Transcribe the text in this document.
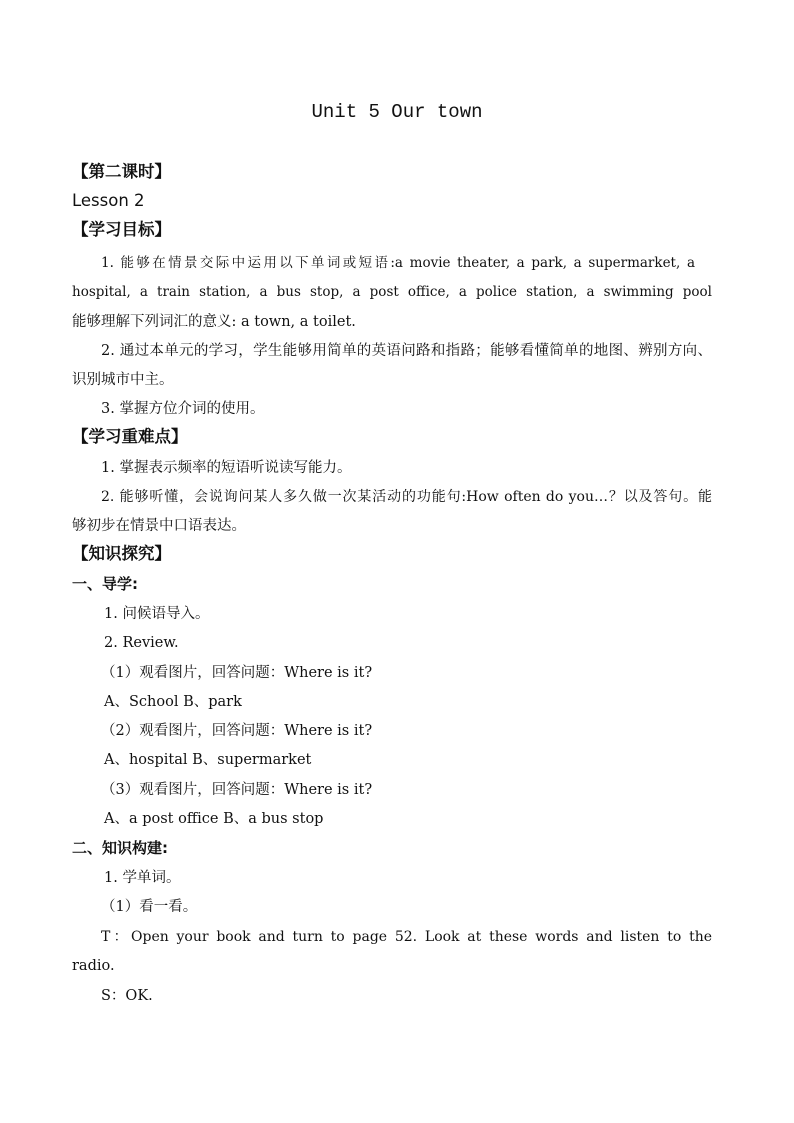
Unit 5 Our town
【第二课时】
Lesson 2
【学习目标】
1. 能够在情景交际中运用以下单词或短语:a movie theater, a park, a supermarket, a
hospital, a train station, a bus stop, a post office, a police station, a swimming pool
能够理解下列词汇的意义: a town, a toilet.
2. 通过本单元的学习，学生能够用简单的英语问路和指路；能够看懂简单的地图、辨别方向、
识别城市中主。
3. 掌握方位介词的使用。
【学习重难点】
1. 掌握表示频率的短语听说读写能力。
2. 能够听懂，会说询问某人多久做一次某活动的功能句:How often do you…？以及答句。能
够初步在情景中口语表达。
【知识探究】
一、导学:
1. 问候语导入。
2. Review.
（1）观看图片，回答问题：Where is it?
A、School B、park
（2）观看图片，回答问题：Where is it?
A、hospital B、supermarket
（3）观看图片，回答问题：Where is it?
A、a post office B、a bus stop
二、知识构建:
1. 学单词。
（1）看一看。
T：Open your book and turn to page 52. Look at these words and listen to the
radio.
S：OK.
